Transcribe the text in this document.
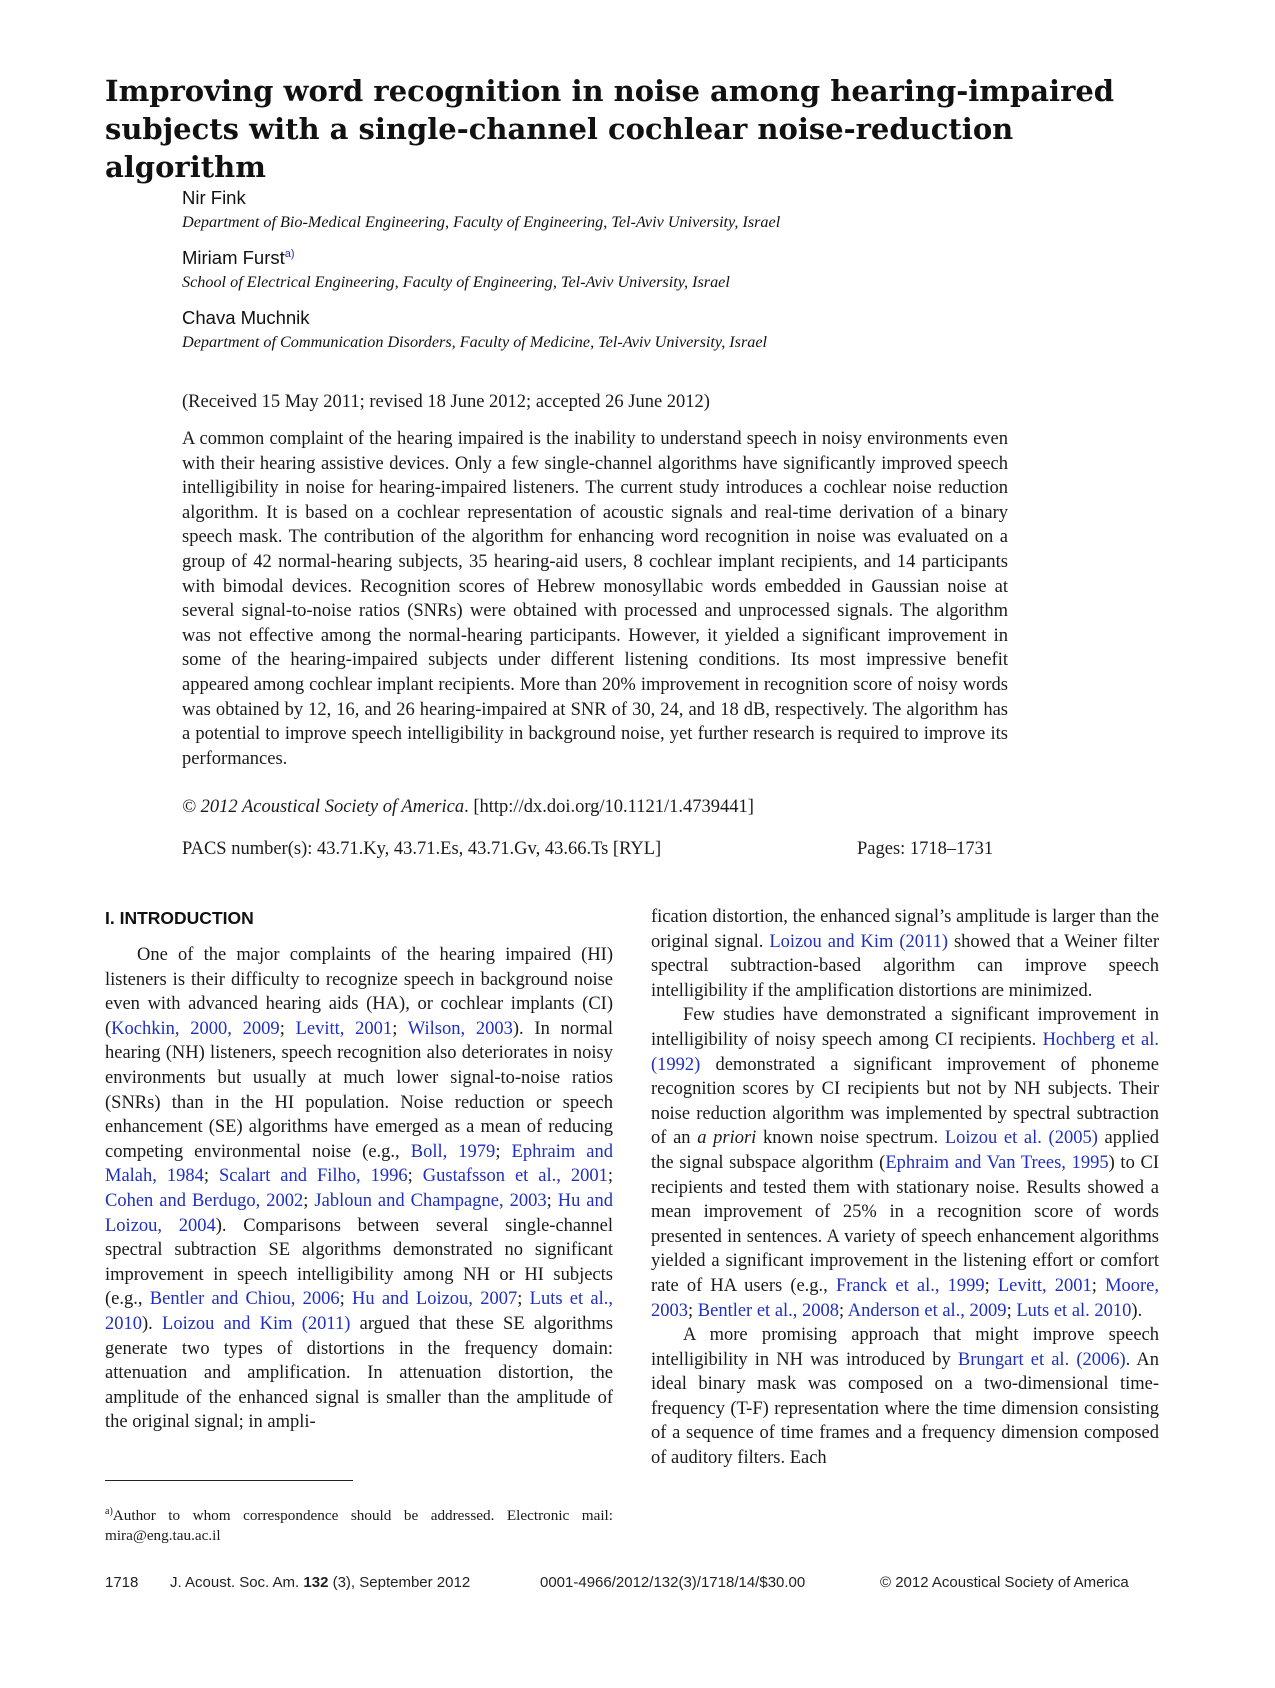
Improving word recognition in noise among hearing-impaired subjects with a single-channel cochlear noise-reduction algorithm
Nir Fink
Department of Bio-Medical Engineering, Faculty of Engineering, Tel-Aviv University, Israel
Miriam Furst$^{a)}$
School of Electrical Engineering, Faculty of Engineering, Tel-Aviv University, Israel
Chava Muchnik
Department of Communication Disorders, Faculty of Medicine, Tel-Aviv University, Israel
(Received 15 May 2011; revised 18 June 2012; accepted 26 June 2012)

A common complaint of the hearing impaired is the inability to understand speech in noisy environments even with their hearing assistive devices. Only a few single-channel algorithms have significantly improved speech intelligibility in noise for hearing-impaired listeners. The current study introduces a cochlear noise reduction algorithm. It is based on a cochlear representation of acoustic signals and real-time derivation of a binary speech mask. The contribution of the algorithm for enhancing word recognition in noise was evaluated on a group of 42 normal-hearing subjects, 35 hearing-aid users, 8 cochlear implant recipients, and 14 participants with bimodal devices. Recognition scores of Hebrew monosyllabic words embedded in Gaussian noise at several signal-to-noise ratios (SNRs) were obtained with processed and unprocessed signals. The algorithm was not effective among the normal-hearing participants. However, it yielded a significant improvement in some of the hearing-impaired subjects under different listening conditions. Its most impressive benefit appeared among cochlear implant recipients. More than 20% improvement in recognition score of noisy words was obtained by 12, 16, and 26 hearing-impaired at SNR of 30, 24, and 18 dB, respectively. The algorithm has a potential to improve speech intelligibility in background noise, yet further research is required to improve its performances.

© 2012 Acoustical Society of America. [http://dx.doi.org/10.1121/1.4739441]
PACS number(s): 43.71.Ky, 43.71.Es, 43.71.Gv, 43.66.Ts [RYL]	Pages: 1718–1731
I. INTRODUCTION

One of the major complaints of the hearing impaired (HI) listeners is their difficulty to recognize speech in background noise even with advanced hearing aids (HA), or cochlear implants (CI) (Kochkin, 2000, 2009; Levitt, 2001; Wilson, 2003). In normal hearing (NH) listeners, speech recognition also deteriorates in noisy environments but usually at much lower signal-to-noise ratios (SNRs) than in the HI population. Noise reduction or speech enhancement (SE) algorithms have emerged as a mean of reducing competing environmental noise (e.g., Boll, 1979; Ephraim and Malah, 1984; Scalart and Filho, 1996; Gustafsson et al., 2001; Cohen and Berdugo, 2002; Jabloun and Champagne, 2003; Hu and Loizou, 2004). Comparisons between several single-channel spectral subtraction SE algorithms demonstrated no significant improvement in speech intelligibility among NH or HI subjects (e.g., Bentler and Chiou, 2006; Hu and Loizou, 2007; Luts et al., 2010). Loizou and Kim (2011) argued that these SE algorithms generate two types of distortions in the frequency domain: attenuation and amplification. In attenuation distortion, the amplitude of the enhanced signal is smaller than the amplitude of the original signal; in ampli-

fication distortion, the enhanced signal’s amplitude is larger than the original signal. Loizou and Kim (2011) showed that a Weiner filter spectral subtraction-based algorithm can improve speech intelligibility if the amplification distortions are minimized.

Few studies have demonstrated a significant improvement in intelligibility of noisy speech among CI recipients. Hochberg et al. (1992) demonstrated a significant improvement of phoneme recognition scores by CI recipients but not by NH subjects. Their noise reduction algorithm was implemented by spectral subtraction of an a priori known noise spectrum. Loizou et al. (2005) applied the signal subspace algorithm (Ephraim and Van Trees, 1995) to CI recipients and tested them with stationary noise. Results showed a mean improvement of 25% in a recognition score of words presented in sentences. A variety of speech enhancement algorithms yielded a significant improvement in the listening effort or comfort rate of HA users (e.g., Franck et al., 1999; Levitt, 2001; Moore, 2003; Bentler et al., 2008; Anderson et al., 2009; Luts et al. 2010).

A more promising approach that might improve speech intelligibility in NH was introduced by Brungart et al. (2006). An ideal binary mask was composed on a two-dimensional time-frequency (T-F) representation where the time dimension consisting of a sequence of time frames and a frequency dimension composed of auditory filters. Each

$^{a)}$Author to whom correspondence should be addressed. Electronic mail: mira@eng.tau.ac.il
1718 J. Acoust. Soc. Am. 132 (3), September 2012	0001-4966/2012/132(3)/1718/14/$30.00	© 2012 Acoustical Society of America
